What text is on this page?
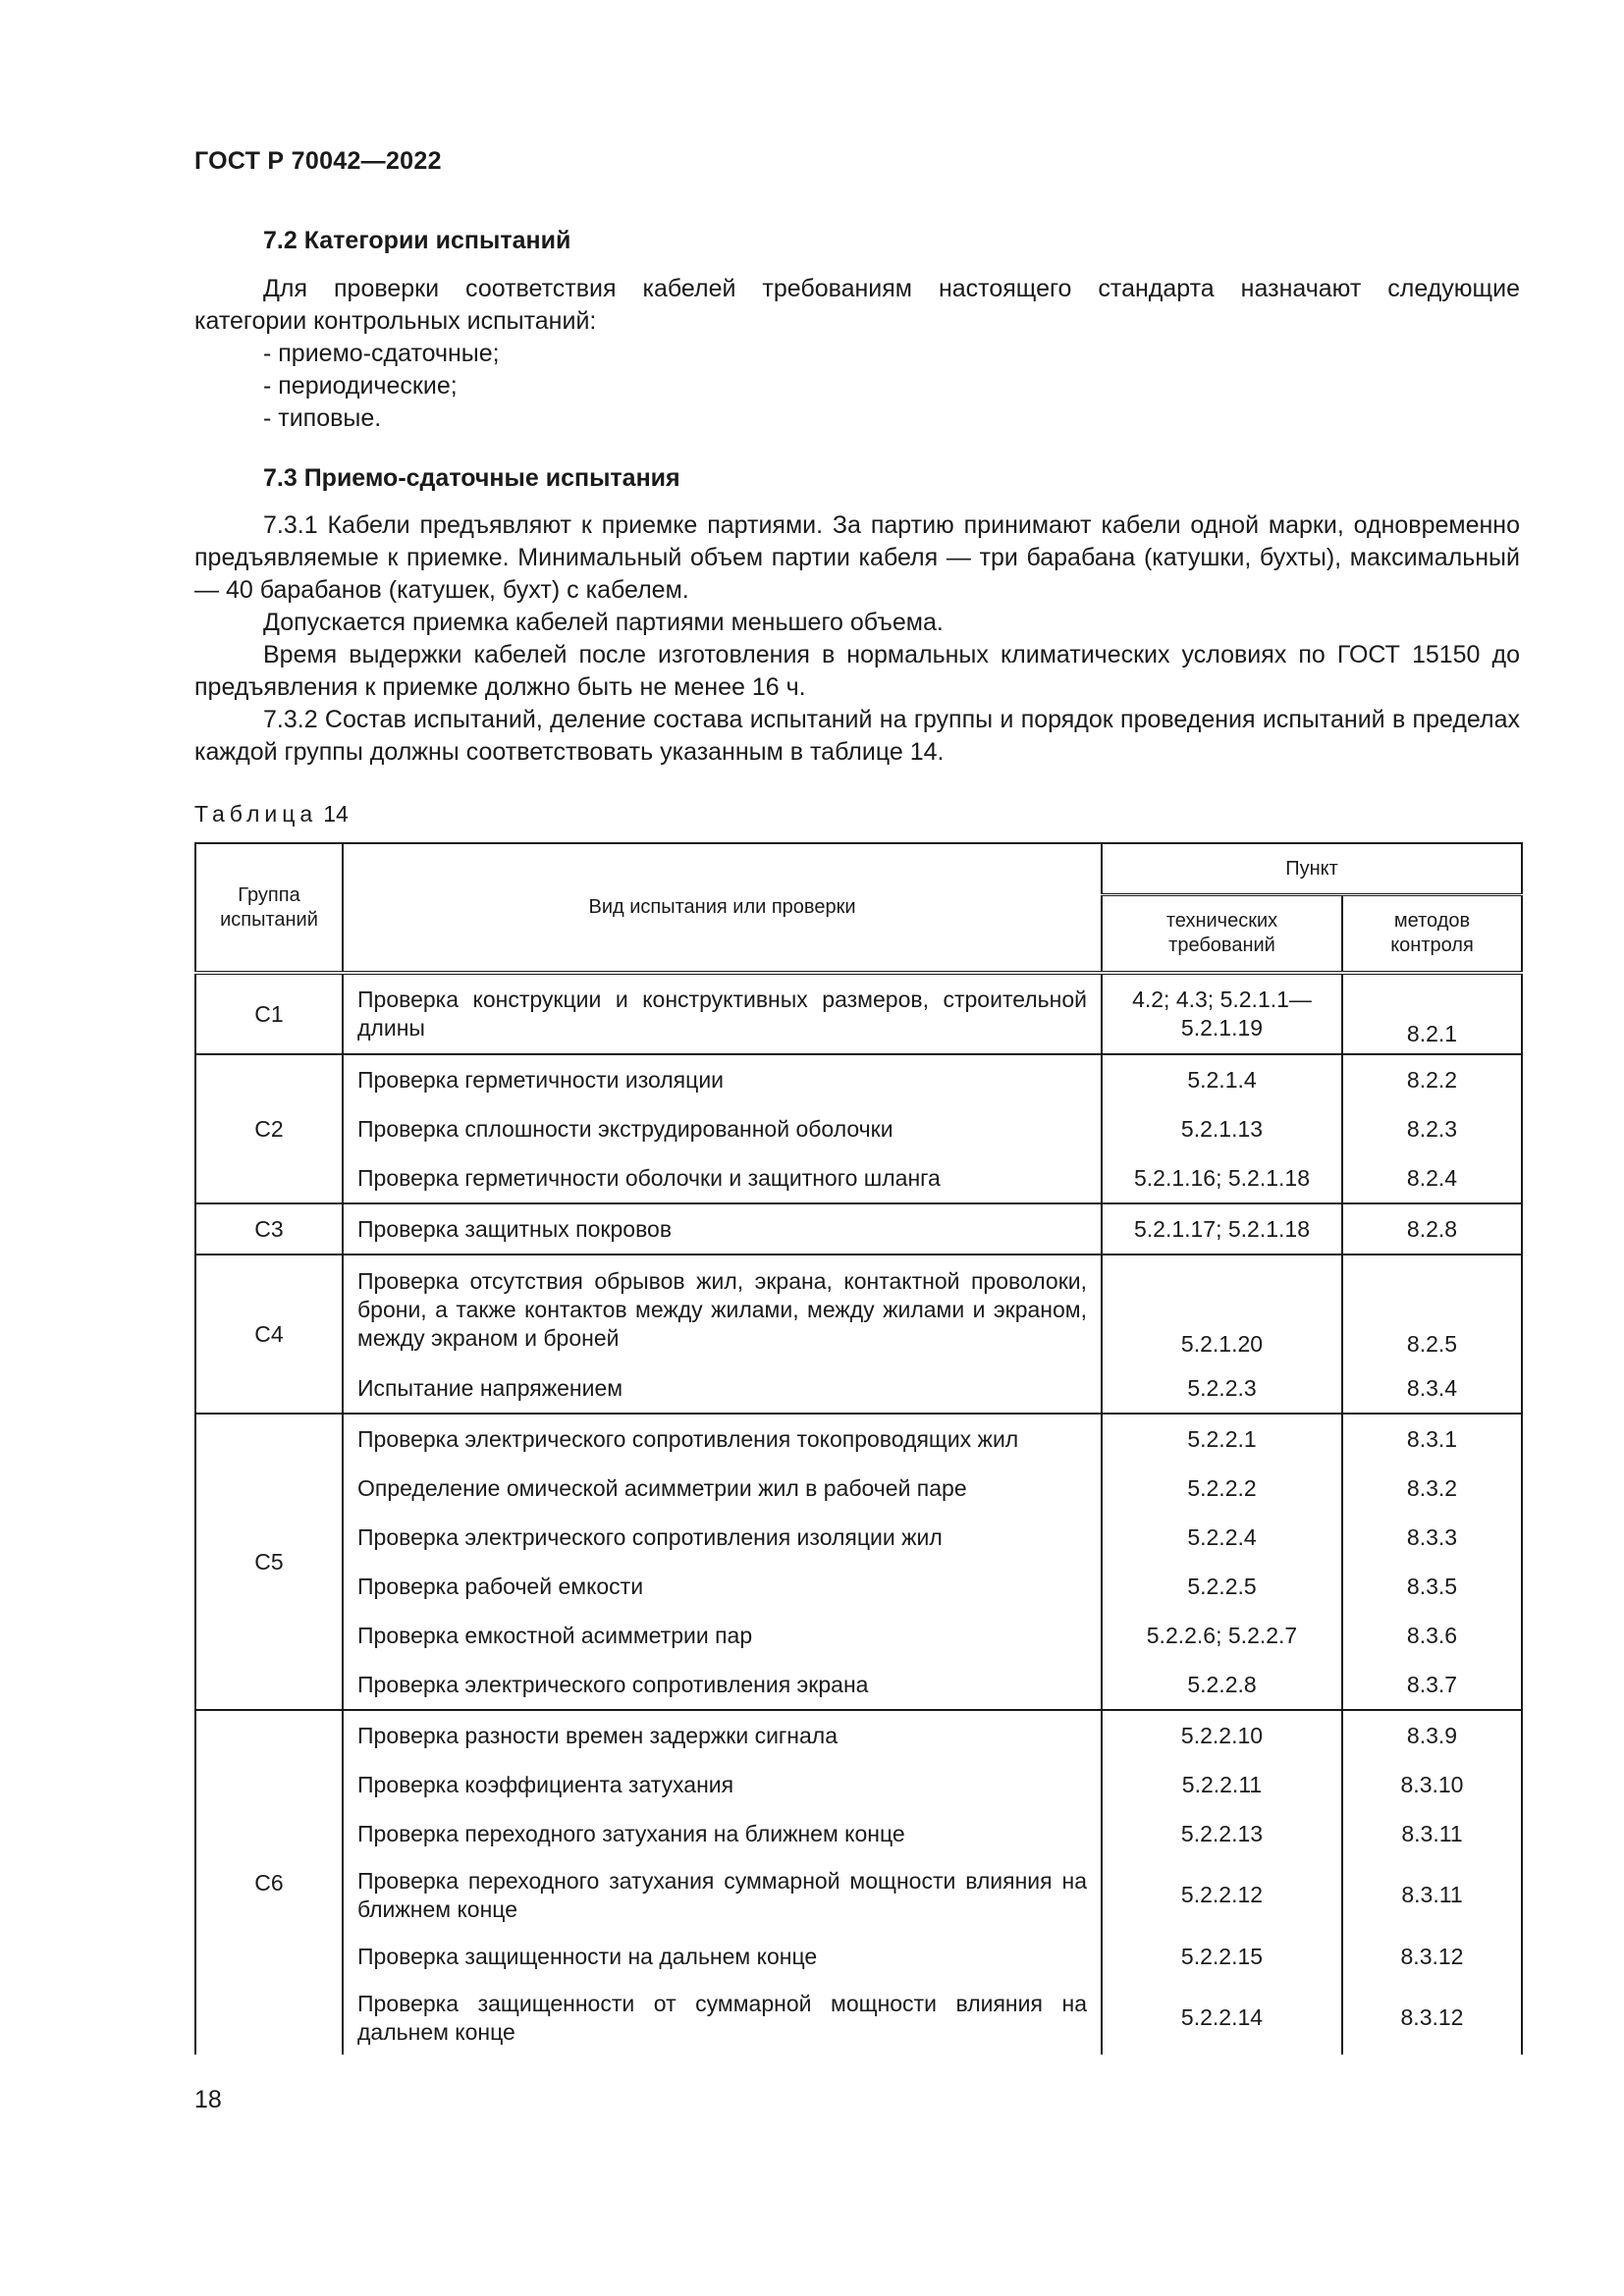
ГОСТ Р 70042—2022
7.2 Категории испытаний
Для проверки соответствия кабелей требованиям настоящего стандарта назначают следующие
категории контрольных испытаний:
- приемо-сдаточные;
- периодические;
- типовые.
7.3 Приемо-сдаточные испытания
7.3.1 Кабели предъявляют к приемке партиями. За партию принимают кабели одной марки, одновременно предъявляемые к приемке. Минимальный объем партии кабеля — три барабана (катушки, бухты), максимальный — 40 барабанов (катушек, бухт) с кабелем.
Допускается приемка кабелей партиями меньшего объема.
Время выдержки кабелей после изготовления в нормальных климатических условиях по ГОСТ 15150 до предъявления к приемке должно быть не менее 16 ч.
7.3.2 Состав испытаний, деление состава испытаний на группы и порядок проведения испытаний в пределах каждой группы должны соответствовать указанным в таблице 14.
Таблица 14
Группа испытаний	Вид испытания или проверки	Пункт	
		технических требований	методов контроля
С1	Проверка конструкции и конструктивных размеров, строительной длины	4.2; 4.3; 5.2.1.1—5.2.1.19	8.2.1
С2	Проверка герметичности изоляции	5.2.1.4	8.2.2
	Проверка сплошности экструдированной оболочки	5.2.1.13	8.2.3
	Проверка герметичности оболочки и защитного шланга	5.2.1.16; 5.2.1.18	8.2.4
С3	Проверка защитных покровов	5.2.1.17; 5.2.1.18	8.2.8
С4	Проверка отсутствия обрывов жил, экрана, контактной проволоки, брони, а также контактов между жилами, между жилами и экраном, между экраном и броней	5.2.1.20	8.2.5
	Испытание напряжением	5.2.2.3	8.3.4
С5	Проверка электрического сопротивления токопроводящих жил	5.2.2.1	8.3.1
	Определение омической асимметрии жил в рабочей паре	5.2.2.2	8.3.2
	Проверка электрического сопротивления изоляции жил	5.2.2.4	8.3.3
	Проверка рабочей емкости	5.2.2.5	8.3.5
	Проверка емкостной асимметрии пар	5.2.2.6; 5.2.2.7	8.3.6
	Проверка электрического сопротивления экрана	5.2.2.8	8.3.7
С6	Проверка разности времен задержки сигнала	5.2.2.10	8.3.9
	Проверка коэффициента затухания	5.2.2.11	8.3.10
	Проверка переходного затухания на ближнем конце	5.2.2.13	8.3.11
	Проверка переходного затухания суммарной мощности влияния на ближнем конце	5.2.2.12	8.3.11
	Проверка защищенности на дальнем конце	5.2.2.15	8.3.12
	Проверка защищенности от суммарной мощности влияния на дальнем конце	5.2.2.14	8.3.12
18
